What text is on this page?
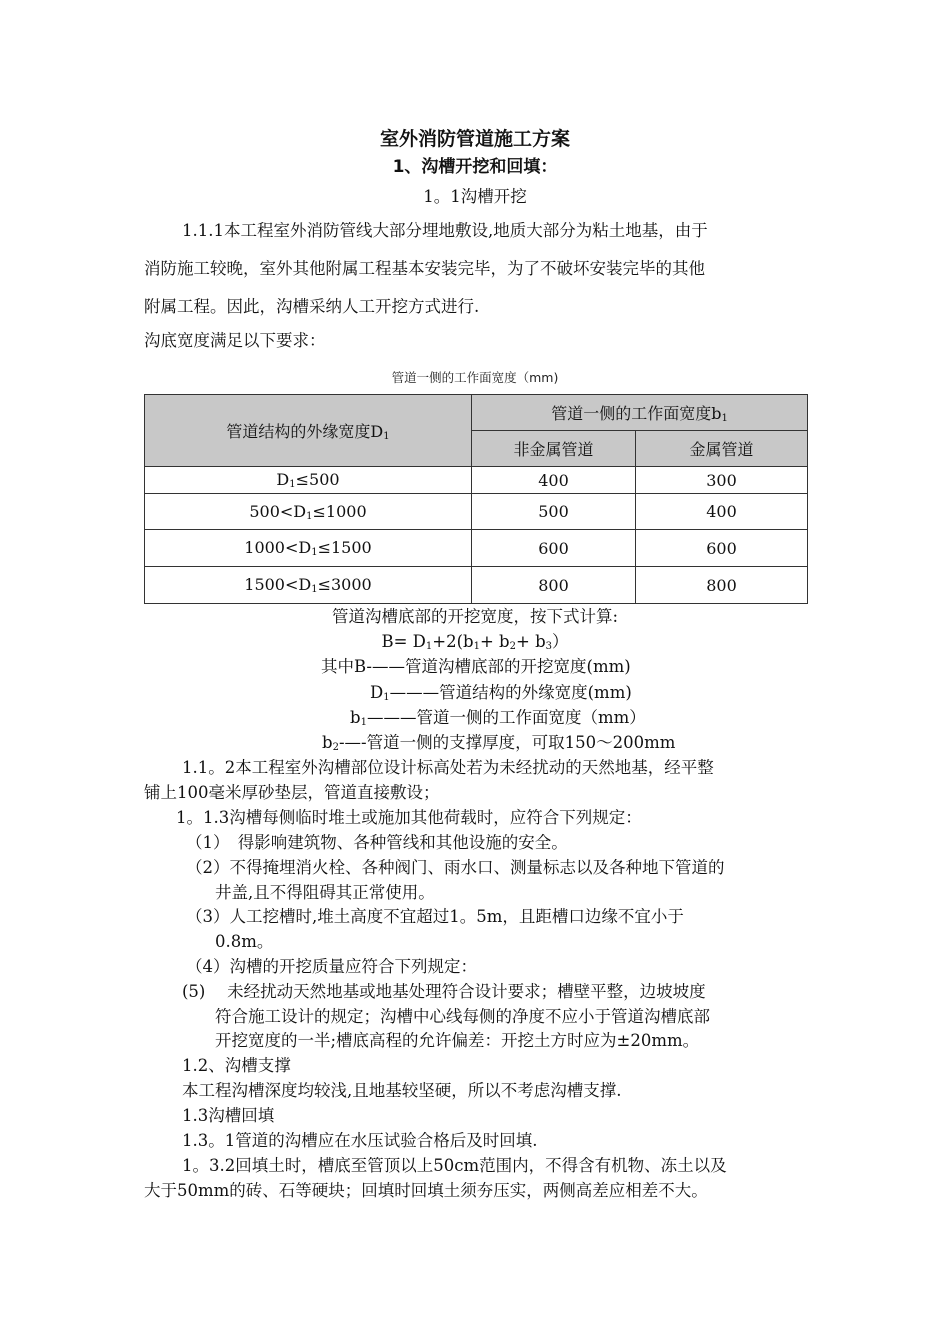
室外消防管道施工方案
1、沟槽开挖和回填：
1。1沟槽开挖
1.1.1本工程室外消防管线大部分埋地敷设,地质大部分为粘土地基，由于
消防施工较晚，室外其他附属工程基本安装完毕，为了不破坏安装完毕的其他
附属工程。因此，沟槽采纳人工开挖方式进行.
沟底宽度满足以下要求：
管道一侧的工作面宽度（mm)
管道结构的外缘宽度$D_1$	管道一侧的工作面宽度$b_1$
	非金属管道	金属管道
$D_1\le 500$	400	300
$500<D_1\le 1000$	500	400
$1000<D_1\le 1500$	600	600
$1500<D_1\le 3000$	800	800
管道沟槽底部的开挖宽度，按下式计算:
$B= D_1+2(b_1+ b_2+ b_3)$
其中B-——管道沟槽底部的开挖宽度(mm)
$D_1———$管道结构的外缘宽度(mm)
$b_1———$管道一侧的工作面宽度（mm）
$b_2-—-$管道一侧的支撑厚度，可取150～200mm
1.1。2本工程室外沟槽部位设计标高处若为未经扰动的天然地基，经平整
铺上100毫米厚砂垫层，管道直接敷设；
1。1.3沟槽每侧临时堆土或施加其他荷载时，应符合下列规定：
（1）　得影响建筑物、各种管线和其他设施的安全。
（2）不得掩埋消火栓、各种阀门、雨水口、测量标志以及各种地下管道的
井盖,且不得阻碍其正常使用。
（3）人工挖槽时,堆土高度不宜超过1。5m，且距槽口边缘不宜小于
0.8m。
（4）沟槽的开挖质量应符合下列规定：
(5)　 未经扰动天然地基或地基处理符合设计要求；槽壁平整，边坡坡度
符合施工设计的规定；沟槽中心线每侧的净度不应小于管道沟槽底部
开挖宽度的一半;槽底高程的允许偏差：开挖土方时应为±20mm。
1.2、沟槽支撑
本工程沟槽深度均较浅,且地基较坚硬，所以不考虑沟槽支撑.
1.3沟槽回填
1.3。1管道的沟槽应在水压试验合格后及时回填.
1。3.2回填土时，槽底至管顶以上50cm范围内，不得含有机物、冻土以及
大于50mm的砖、石等硬块；回填时回填土须夯压实，两侧高差应相差不大。
